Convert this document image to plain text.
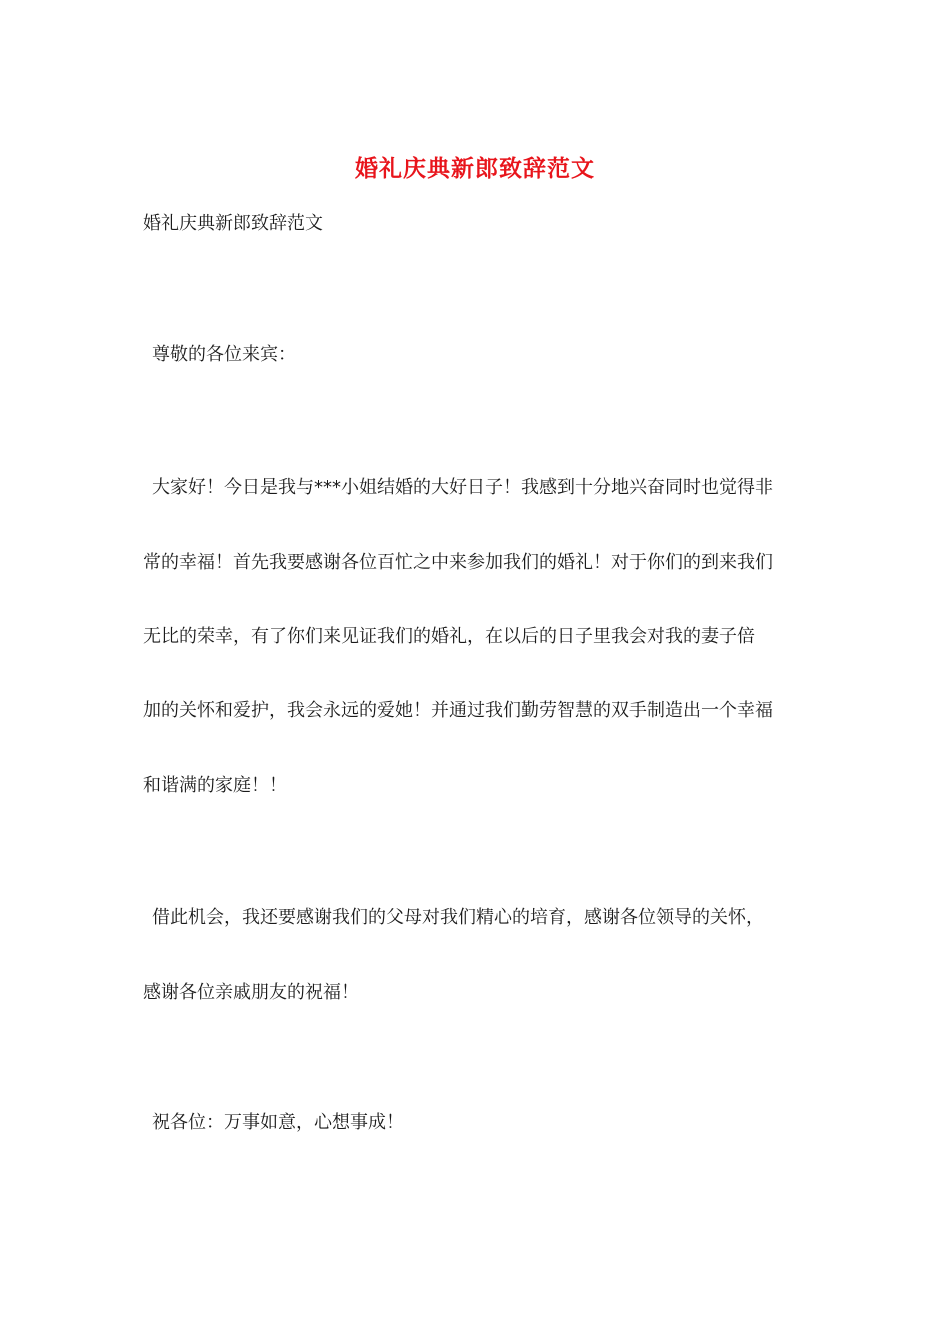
婚礼庆典新郎致辞范文
婚礼庆典新郎致辞范文
尊敬的各位来宾：
大家好！今日是我与***小姐结婚的大好日子！我感到十分地兴奋同时也觉得非
常的幸福！首先我要感谢各位百忙之中来参加我们的婚礼！对于你们的到来我们
无比的荣幸，有了你们来见证我们的婚礼，在以后的日子里我会对我的妻子倍
加的关怀和爱护，我会永远的爱她！并通过我们勤劳智慧的双手制造出一个幸福
和谐满的家庭！！
借此机会，我还要感谢我们的父母对我们精心的培育，感谢各位领导的关怀，
感谢各位亲戚朋友的祝福！
祝各位：万事如意，心想事成！
